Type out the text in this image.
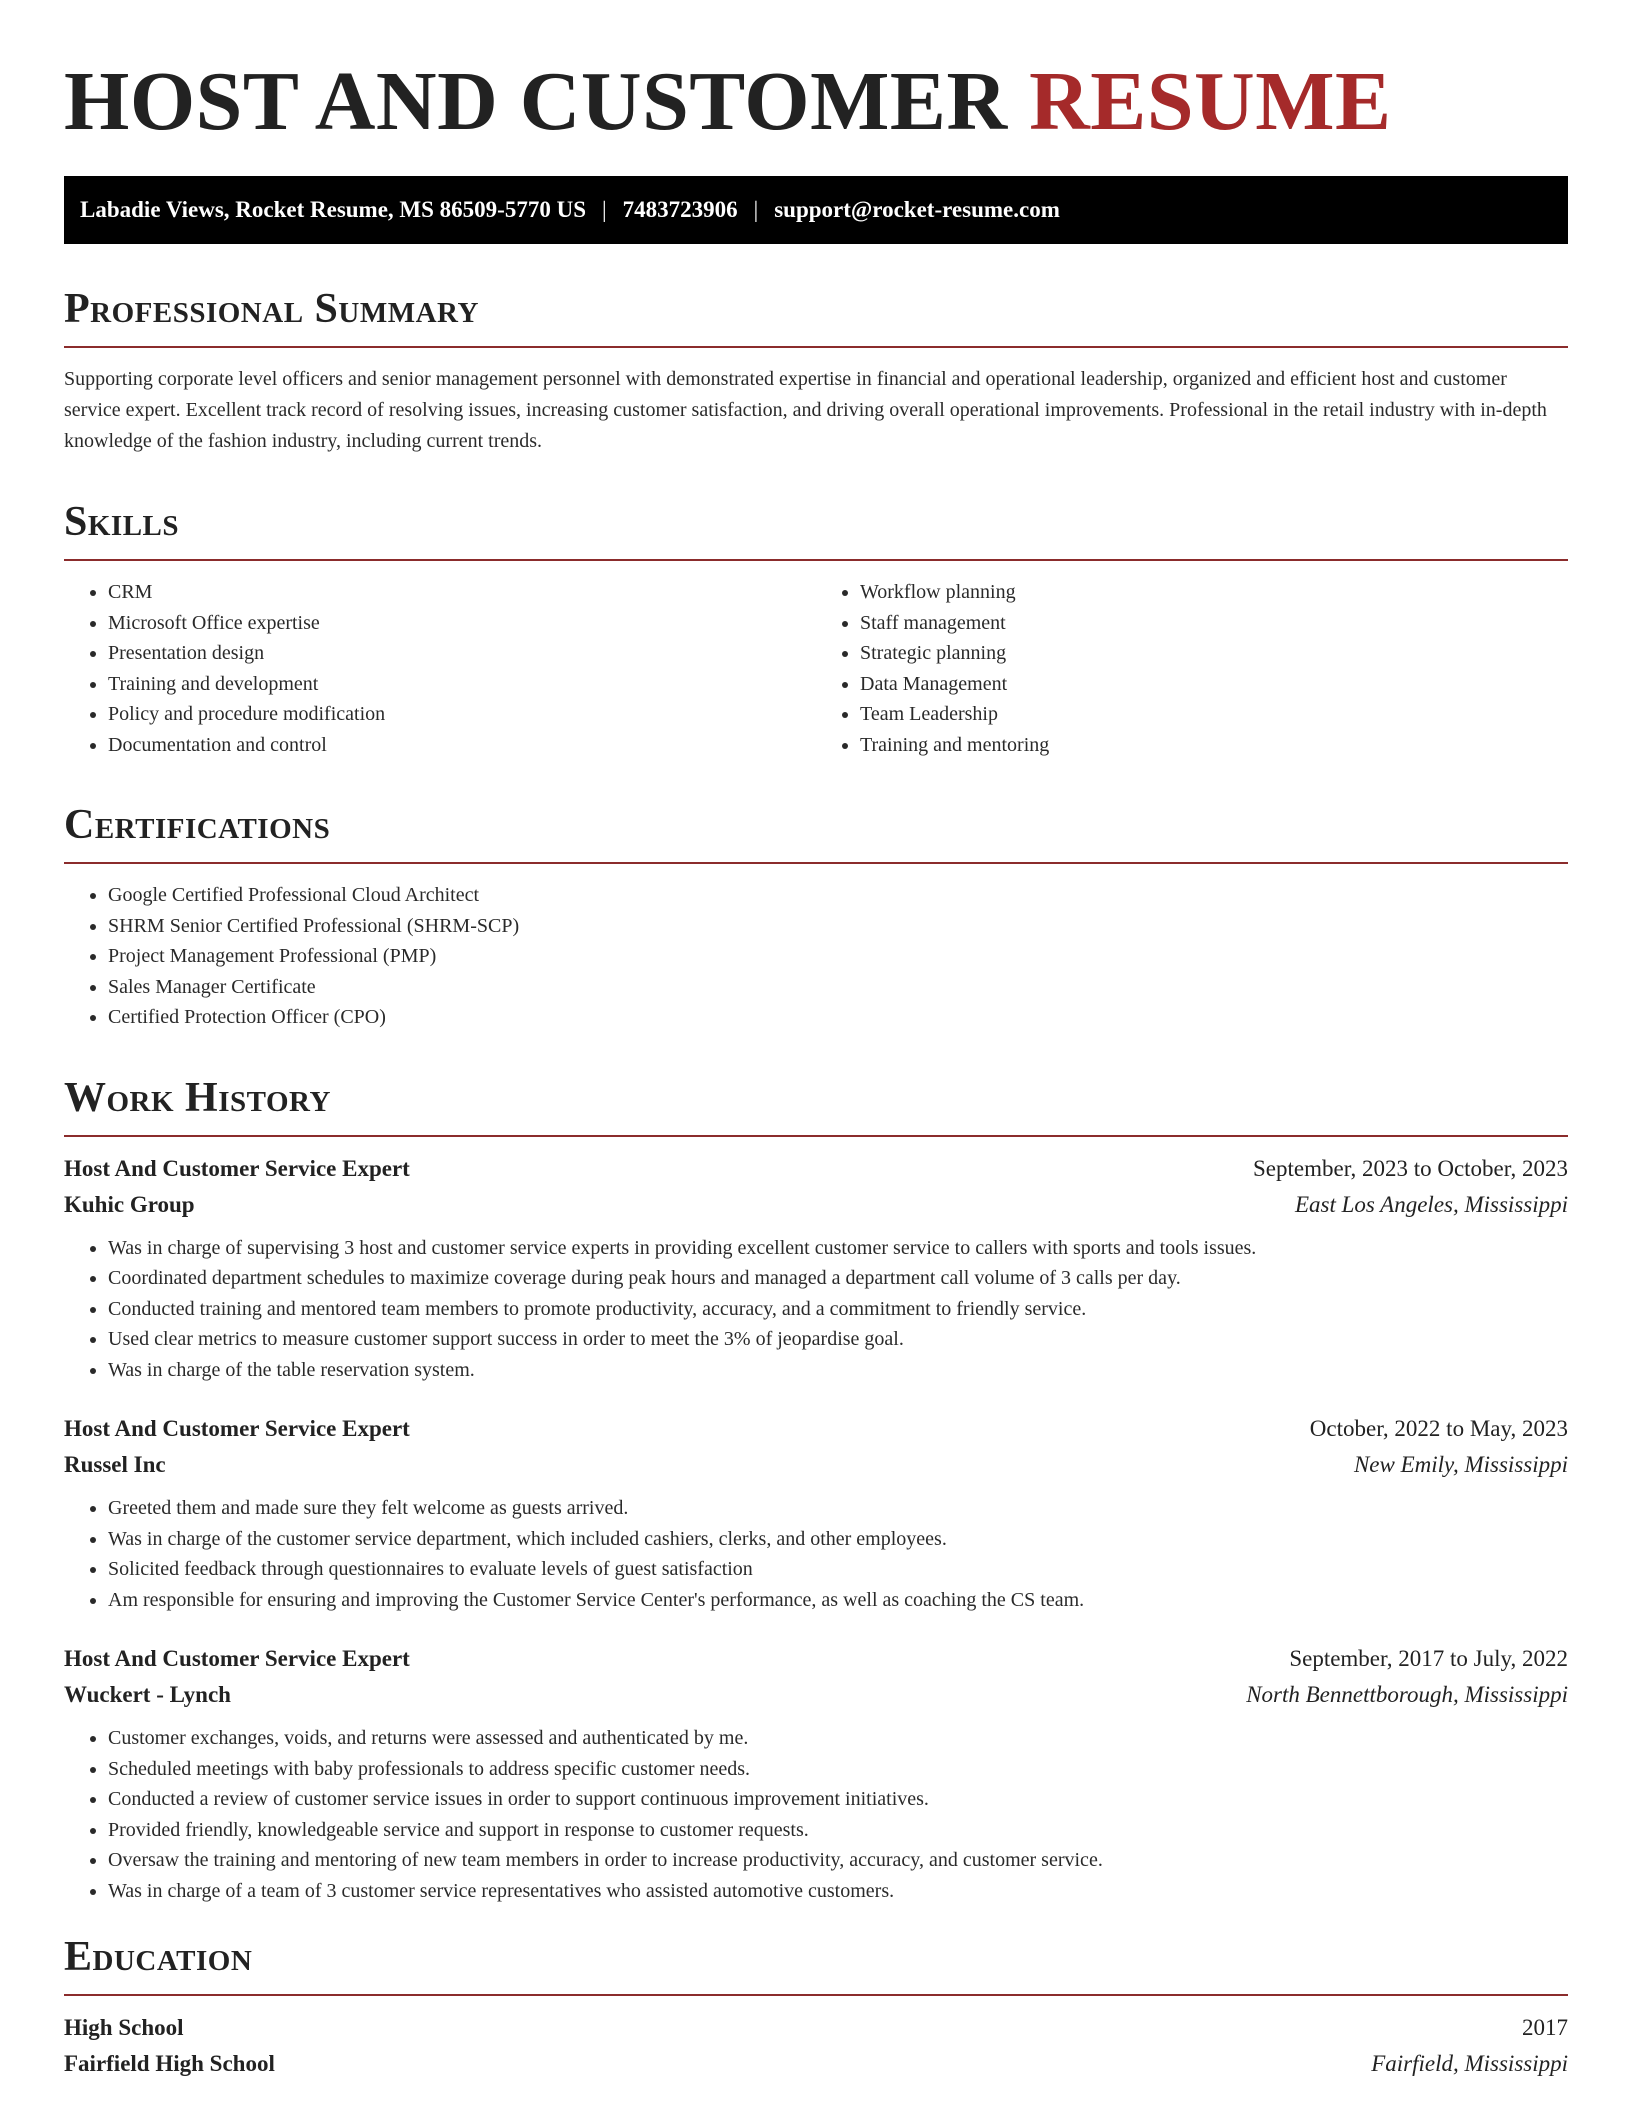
HOST AND CUSTOMER RESUME
Labadie Views, Rocket Resume, MS 86509-5770 US | 7483723906 | support@rocket-resume.com
Professional Summary

Supporting corporate level officers and senior management personnel with demonstrated expertise in financial and operational leadership, organized and efficient host and customer service expert. Excellent track record of resolving issues, increasing customer satisfaction, and driving overall operational improvements. Professional in the retail industry with in-depth knowledge of the fashion industry, including current trends.

Skills
• CRM
• Microsoft Office expertise
• Presentation design
• Training and development
• Policy and procedure modification
• Documentation and control
• Workflow planning
• Staff management
• Strategic planning
• Data Management
• Team Leadership
• Training and mentoring
Certifications
• Google Certified Professional Cloud Architect
• SHRM Senior Certified Professional (SHRM-SCP)
• Project Management Professional (PMP)
• Sales Manager Certificate
• Certified Protection Officer (CPO)
Work History
Host And Customer Service Expert	September, 2023 to October, 2023
Kuhic Group	East Los Angeles, Mississippi
• Was in charge of supervising 3 host and customer service experts in providing excellent customer service to callers with sports and tools issues.
• Coordinated department schedules to maximize coverage during peak hours and managed a department call volume of 3 calls per day.
• Conducted training and mentored team members to promote productivity, accuracy, and a commitment to friendly service.
• Used clear metrics to measure customer support success in order to meet the 3% of jeopardise goal.
• Was in charge of the table reservation system.
Host And Customer Service Expert	October, 2022 to May, 2023
Russel Inc	New Emily, Mississippi
• Greeted them and made sure they felt welcome as guests arrived.
• Was in charge of the customer service department, which included cashiers, clerks, and other employees.
• Solicited feedback through questionnaires to evaluate levels of guest satisfaction
• Am responsible for ensuring and improving the Customer Service Center's performance, as well as coaching the CS team.
Host And Customer Service Expert	September, 2017 to July, 2022
Wuckert - Lynch	North Bennettborough, Mississippi
• Customer exchanges, voids, and returns were assessed and authenticated by me.
• Scheduled meetings with baby professionals to address specific customer needs.
• Conducted a review of customer service issues in order to support continuous improvement initiatives.
• Provided friendly, knowledgeable service and support in response to customer requests.
• Oversaw the training and mentoring of new team members in order to increase productivity, accuracy, and customer service.
• Was in charge of a team of 3 customer service representatives who assisted automotive customers.
Education
High School	2017
Fairfield High School	Fairfield, Mississippi
